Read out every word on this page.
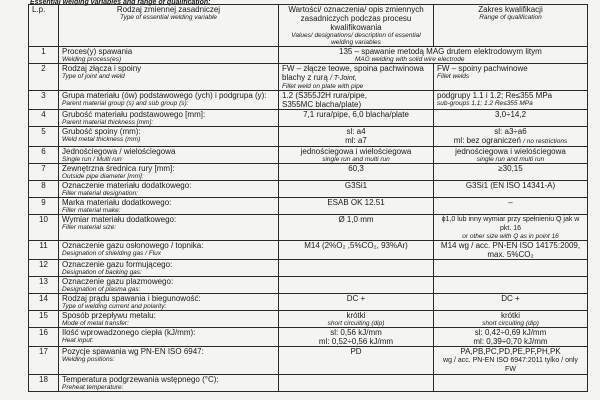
Essential welding variables and range of qualification:
L.p.	Rodzaj zmiennej zasadniczej
Type of essential welding variable	Wartości/ oznaczenia/ opis zmiennych zasadniczych podczas procesu kwalifikowania
Values/ designations/ description of essential welding variables	Zakres kwalifikacji
Range of qualification

1	Proces(y) spawania
Welding process(es)	135 – spawanie metodą MAG drutem elektrodowym litym
MAG welding with solid wire electrode	

2	Rodzaj złącza i spoiny
Type of joint and weld	FW – złącze teowe, spoina pachwinowa blachy z rurą / T-Joint,
Fillet weld on plate with pipe	FW – spoiny pachwinowe
Fillet welds

3	Grupa materiału (ów) podstawowego (ych) i podgrupa (y):
Parent material group (s) and sub group (s):	1.2 (S355J2H rura/pipe,
S355MC blacha/plate)	podgrupy 1.1 i 1.2; Re≤355 MPa
sub-groups 1.1; 1.2 Re≤355 MPa

4	Grubość materiału podstawowego [mm]:
Parent material thickness [mm]:	7,1 rura/pipe, 6,0 blacha/plate	3,0÷14,2

5	Grubość spoiny (mm):
Weld metal thickness (mm)	sl: a4
ml: a7	sl: a3÷a6
ml: bez ograniczeń / no restrictions

6	Jednościegowa / wielościegowa
Single run / Multi run	jednościegowa i wielościegowa
single run and multi run	jednościegowa i wielościegowa
single run and multi run

7	Zewnętrzna średnica rury [mm]:
Outside pipe diameter [mm]:	60,3	≥30,15

8	Oznaczenie materiału dodatkowego:
Filler material designation:	G3Si1	G3Si1 (EN ISO 14341-A)

9	Marka materiału dodatkowego:
Filler material make:	ESAB OK 12.51	–

10	Wymiar materiału dodatkowego:
Filler material size:	Ø 1,0 mm	ϕ1,0 lub inny wymiar przy spełnieniu Q jak w pkt. 16
or other size with Q as in point 16

11	Oznaczenie gazu osłonowego / topnika:
Designation of shielding gas / Flux	M14 (2%O₂ ,5%CO₂, 93%Ar)	M14 wg / acc. PN-EN ISO 14175:2009,
max. 5%CO₂

12	Oznaczenie gazu formującego:
Designation of backing gas:		

13	Oznaczenie gazu plazmowego:
Designation of plasma gas:		

14	Rodzaj prądu spawania i biegunowość:
Type of welding current and polarity:	DC +	DC +

15	Sposób przepływu metalu:
Mode of metal transfer:	krótki
short circuiting (dip)	krótki
short circuiting (dip)

16	Ilość wprowadzonego ciepła (kJ/mm):
Heat input:	sl: 0,56 kJ/mm
ml: 0,52÷0,56 kJ/mm	sl: 0,42÷0,69 kJ/mm
ml: 0,39÷0,70 kJ/mm

17	Pozycje spawania wg PN-EN ISO 6947:
Welding positions:	PD	PA,PB,PC,PD,PE,PF,PH,PK
wg / acc. PN-EN ISO 6947:2011 tylko / only FW

18	Temperatura podgrzewania wstępnego (°C):
Preheat temperature:		
